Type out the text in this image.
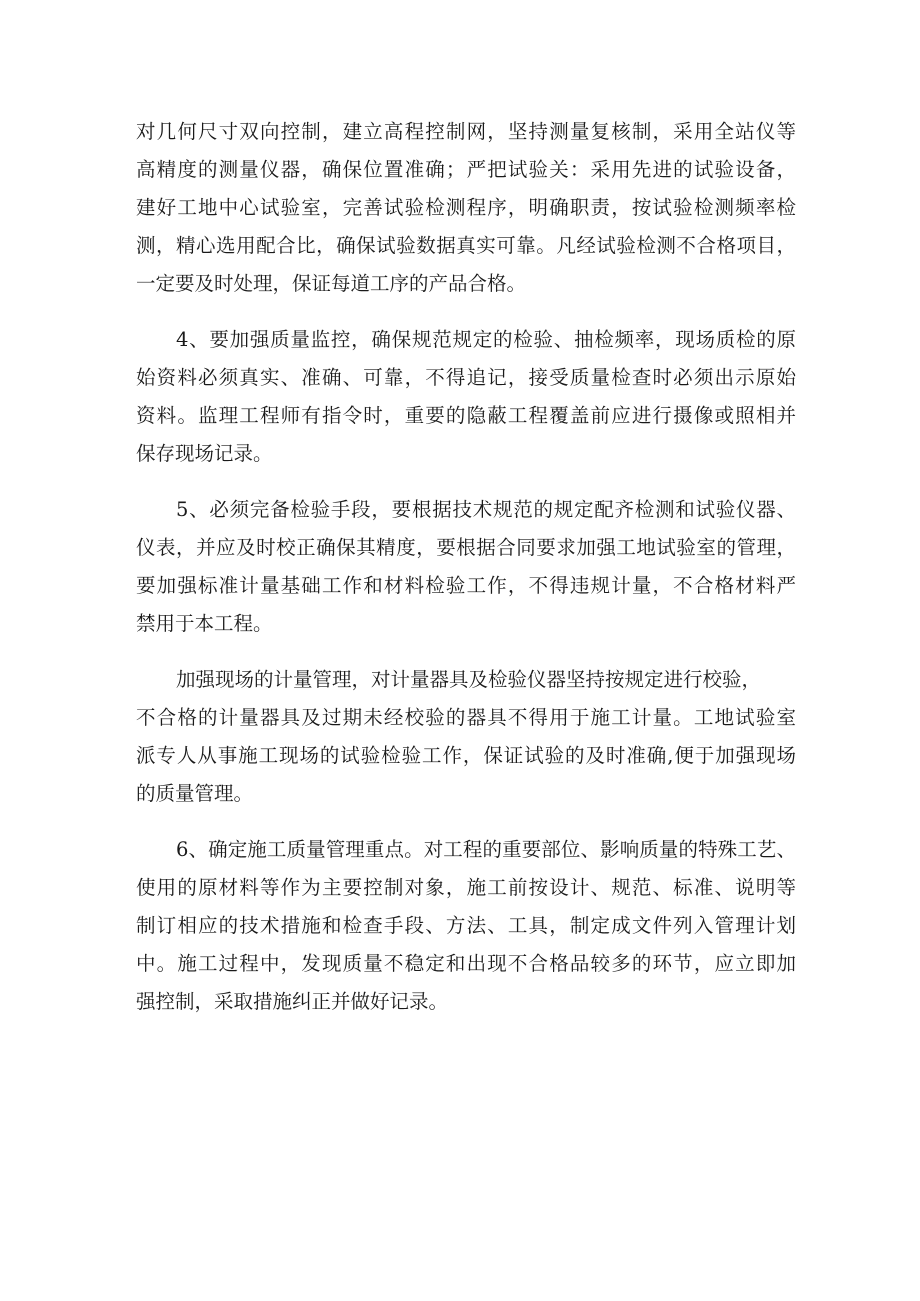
对几何尺寸双向控制，建立高程控制网，坚持测量复核制，采用全站仪等
高精度的测量仪器，确保位置准确；严把试验关：采用先进的试验设备，
建好工地中心试验室，完善试验检测程序，明确职责，按试验检测频率检
测，精心选用配合比，确保试验数据真实可靠。凡经试验检测不合格项目，
一定要及时处理，保证每道工序的产品合格。

4、要加强质量监控，确保规范规定的检验、抽检频率，现场质检的原
始资料必须真实、准确、可靠，不得追记，接受质量检查时必须出示原始
资料。监理工程师有指令时，重要的隐蔽工程覆盖前应进行摄像或照相并
保存现场记录。

5、必须完备检验手段，要根据技术规范的规定配齐检测和试验仪器、
仪表，并应及时校正确保其精度，要根据合同要求加强工地试验室的管理，
要加强标准计量基础工作和材料检验工作，不得违规计量，不合格材料严
禁用于本工程。

加强现场的计量管理，对计量器具及检验仪器坚持按规定进行校验，
不合格的计量器具及过期未经校验的器具不得用于施工计量。工地试验室
派专人从事施工现场的试验检验工作，保证试验的及时准确,便于加强现场
的质量管理。

6、确定施工质量管理重点。对工程的重要部位、影响质量的特殊工艺、
使用的原材料等作为主要控制对象，施工前按设计、规范、标准、说明等
制订相应的技术措施和检查手段、方法、工具，制定成文件列入管理计划
中。施工过程中，发现质量不稳定和出现不合格品较多的环节，应立即加
强控制，采取措施纠正并做好记录。
